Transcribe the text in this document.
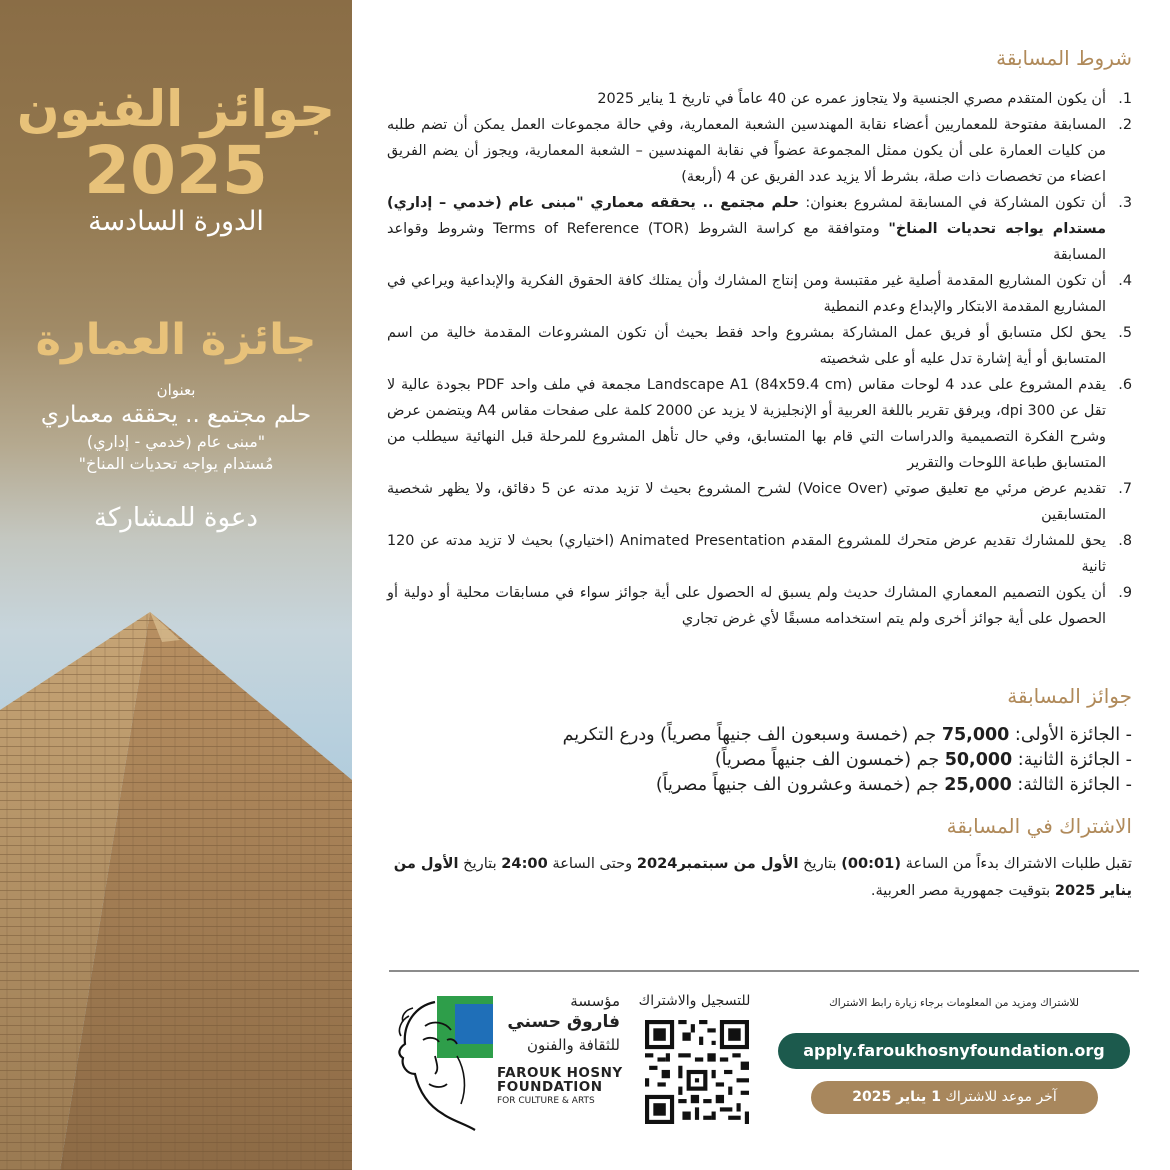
جوائز الفنون
2025
الدورة السادسة
جائزة العمارة
بعنوان
حلم مجتمع .. يحققه معماري
"مبنى عام (خدمي - إداري)
مُستدام يواجه تحديات المناخ"
دعوة للمشاركة
شروط المسابقة
1.
أن يكون المتقدم مصري الجنسية ولا يتجاوز عمره عن 40 عاماً في تاريخ 1 يناير 2025
2.
المسابقة مفتوحة للمعماريين أعضاء نقابة المهندسين الشعبة المعمارية، وفي حالة مجموعات العمل يمكن أن تضم طلبه من كليات العمارة على أن يكون ممثل المجموعة عضواً في نقابة المهندسين – الشعبة المعمارية، ويجوز أن يضم الفريق اعضاء من تخصصات ذات صلة، بشرط ألا يزيد عدد الفريق عن 4 (أربعة)
3.
أن تكون المشاركة في المسابقة لمشروع بعنوان: حلم مجتمع .. يحققه معماري "مبنى عام (خدمي – إداري) مستدام يواجه تحديات المناخ" ومتوافقة مع كراسة الشروط Terms of Reference (TOR) وشروط وقواعد المسابقة
4.
أن تكون المشاريع المقدمة أصلية غير مقتبسة ومن إنتاج المشارك وأن يمتلك كافة الحقوق الفكرية والإبداعية ويراعي في المشاريع المقدمة الابتكار والإبداع وعدم النمطية
5.
يحق لكل متسابق أو فريق عمل المشاركة بمشروع واحد فقط بحيث أن تكون المشروعات المقدمة خالية من اسم المتسابق أو أية إشارة تدل عليه أو على شخصيته
6.
يقدم المشروع على عدد 4 لوحات مقاس Landscape A1 (84x59.4 cm) مجمعة في ملف واحد PDF بجودة عالية لا تقل عن dpi 300، ويرفق تقرير باللغة العربية أو الإنجليزية لا يزيد عن 2000 كلمة على صفحات مقاس A4 ويتضمن عرض وشرح الفكرة التصميمية والدراسات التي قام بها المتسابق، وفي حال تأهل المشروع للمرحلة قبل النهائية سيطلب من المتسابق طباعة اللوحات والتقرير
7.
تقديم عرض مرئي مع تعليق صوتي (Voice Over) لشرح المشروع بحيث لا تزيد مدته عن 5 دقائق، ولا يظهر شخصية المتسابقين
8.
يحق للمشارك تقديم عرض متحرك للمشروع المقدم Animated Presentation (اختياري) بحيث لا تزيد مدته عن 120 ثانية
9.
أن يكون التصميم المعماري المشارك حديث ولم يسبق له الحصول على أية جوائز سواء في مسابقات محلية أو دولية أو الحصول على أية جوائز أخرى ولم يتم استخدامه مسبقًا لأي غرض تجاري
جوائز المسابقة
- الجائزة الأولى: 75,000 جم (خمسة وسبعون الف جنيهاً مصرياً) ودرع التكريم
- الجائزة الثانية: 50,000 جم (خمسون الف جنيهاً مصرياً)
- الجائزة الثالثة: 25,000 جم (خمسة وعشرون الف جنيهاً مصرياً)
الاشتراك في المسابقة
تقبل طلبات الاشتراك بدءاً من الساعة (00:01) بتاريخ الأول من سبتمبر2024 وحتى الساعة 24:00 بتاريخ الأول من يناير 2025 بتوقيت جمهورية مصر العربية.
للاشتراك ومزيد من المعلومات برجاء زيارة رابط الاشتراك
apply.faroukhosnyfoundation.org
آخر موعد للاشتراك 1 يناير 2025
للتسجيل والاشتراك
مؤسسة
فاروق حسني
للثقافة والفنون
FAROUK HOSNY
FOUNDATION
FOR CULTURE & ARTS
